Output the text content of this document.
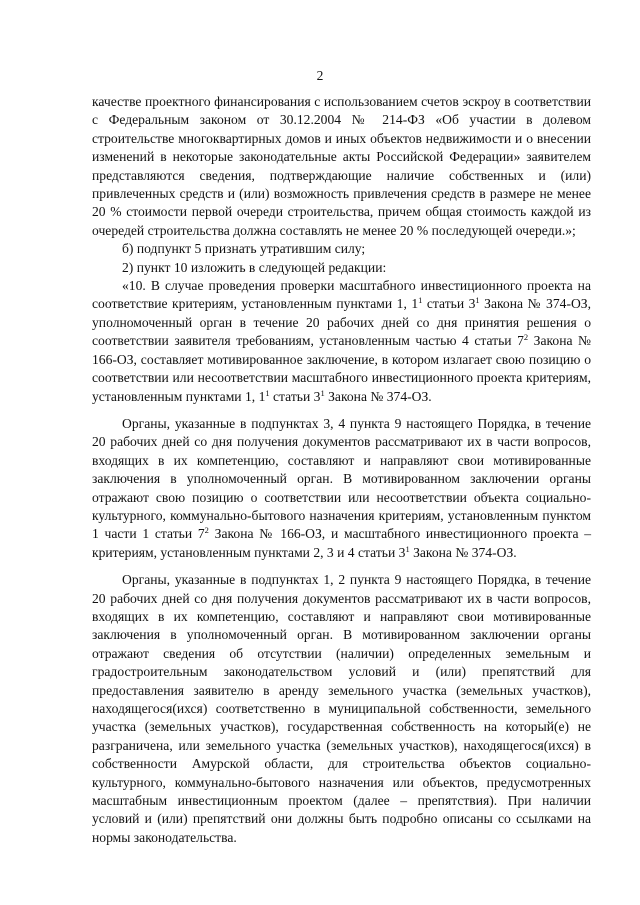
2

качестве проектного финансирования с использованием счетов эскроу в соответствии с Федеральным законом от 30.12.2004 № 214-ФЗ «Об участии в долевом строительстве многоквартирных домов и иных объектов недвижимости и о внесении изменений в некоторые законодательные акты Российской Федерации» заявителем представляются сведения, подтверждающие наличие собственных и (или) привлеченных средств и (или) возможность привлечения средств в размере не менее 20 % стоимости первой очереди строительства, причем общая стоимость каждой из очередей строительства должна составлять не менее 20 % последующей очереди.»;

б) подпункт 5 признать утратившим силу;

2) пункт 10 изложить в следующей редакции:

«10. В случае проведения проверки масштабного инвестиционного проекта на соответствие критериям, установленным пунктами 1, $1^1$ статьи $3^1$ Закона № 374-ОЗ, уполномоченный орган в течение 20 рабочих дней со дня принятия решения о соответствии заявителя требованиям, установленным частью 4 статьи $7^2$ Закона № 166-ОЗ, составляет мотивированное заключение, в котором излагает свою позицию о соответствии или несоответствии масштабного инвестиционного проекта критериям, установленным пунктами 1, $1^1$ статьи $3^1$ Закона № 374-ОЗ.

Органы, указанные в подпунктах 3, 4 пункта 9 настоящего Порядка, в течение 20 рабочих дней со дня получения документов рассматривают их в части вопросов, входящих в их компетенцию, составляют и направляют свои мотивированные заключения в уполномоченный орган. В мотивированном заключении органы отражают свою позицию о соответствии или несоответствии объекта социально-культурного, коммунально-бытового назначения критериям, установленным пунктом 1 части 1 статьи $7^2$ Закона № 166-ОЗ, и масштабного инвестиционного проекта – критериям, установленным пунктами 2, 3 и 4 статьи $3^1$ Закона № 374-ОЗ.

Органы, указанные в подпунктах 1, 2 пункта 9 настоящего Порядка, в течение 20 рабочих дней со дня получения документов рассматривают их в части вопросов, входящих в их компетенцию, составляют и направляют свои мотивированные заключения в уполномоченный орган. В мотивированном заключении органы отражают сведения об отсутствии (наличии) определенных земельным и градостроительным законодательством условий и (или) препятствий для предоставления заявителю в аренду земельного участка (земельных участков), находящегося(ихся) соответственно в муниципальной собственности, земельного участка (земельных участков), государственная собственность на который(е) не разграничена, или земельного участка (земельных участков), находящегося(ихся) в собственности Амурской области, для строительства объектов социально-культурного, коммунально-бытового назначения или объектов, предусмотренных масштабным инвестиционным проектом (далее – препятствия). При наличии условий и (или) препятствий они должны быть подробно описаны со ссылками на нормы законодательства.
